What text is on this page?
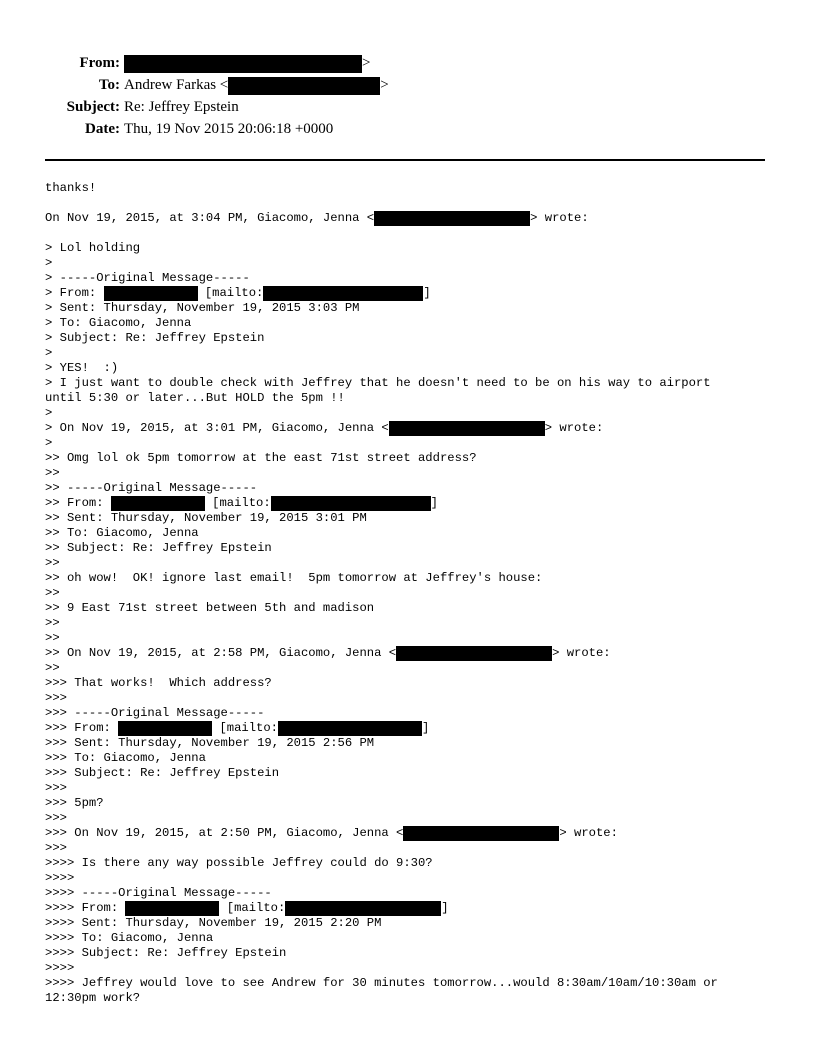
From:	>
To: Andrew Farkas <	>
Subject: Re: Jeffrey Epstein
Date: Thu, 19 Nov 2015 20:06:18 +0000
thanks!
On Nov 19, 2015, at 3:04 PM, Giacomo, Jenna <	> wrote:
> Lol holding
>
> -----Original Message-----
> From:	[mailto:	]
> Sent: Thursday, November 19, 2015 3:03 PM
> To: Giacomo, Jenna
> Subject: Re: Jeffrey Epstein
>
> YES!  :)
> I just want to double check with Jeffrey that he doesn't need to be on his way to airport
until 5:30 or later...But HOLD the 5pm !!
>
> On Nov 19, 2015, at 3:01 PM, Giacomo, Jenna <	> wrote:
>
>> Omg lol ok 5pm tomorrow at the east 71st street address?
>>
>> -----Original Message-----
>> From:	[mailto:	]
>> Sent: Thursday, November 19, 2015 3:01 PM
>> To: Giacomo, Jenna
>> Subject: Re: Jeffrey Epstein
>>
>> oh wow!  OK! ignore last email!  5pm tomorrow at Jeffrey's house:
>>
>> 9 East 71st street between 5th and madison
>>
>>
>> On Nov 19, 2015, at 2:58 PM, Giacomo, Jenna <	> wrote:
>>
>>> That works!  Which address?
>>>
>>> -----Original Message-----
>>> From:	[mailto:	]
>>> Sent: Thursday, November 19, 2015 2:56 PM
>>> To: Giacomo, Jenna
>>> Subject: Re: Jeffrey Epstein
>>>
>>> 5pm?
>>>
>>> On Nov 19, 2015, at 2:50 PM, Giacomo, Jenna <	> wrote:
>>>
>>>> Is there any way possible Jeffrey could do 9:30?
>>>>
>>>> -----Original Message-----
>>>> From:	[mailto:	]
>>>> Sent: Thursday, November 19, 2015 2:20 PM
>>>> To: Giacomo, Jenna
>>>> Subject: Re: Jeffrey Epstein
>>>>
>>>> Jeffrey would love to see Andrew for 30 minutes tomorrow...would 8:30am/10am/10:30am or
12:30pm work?
